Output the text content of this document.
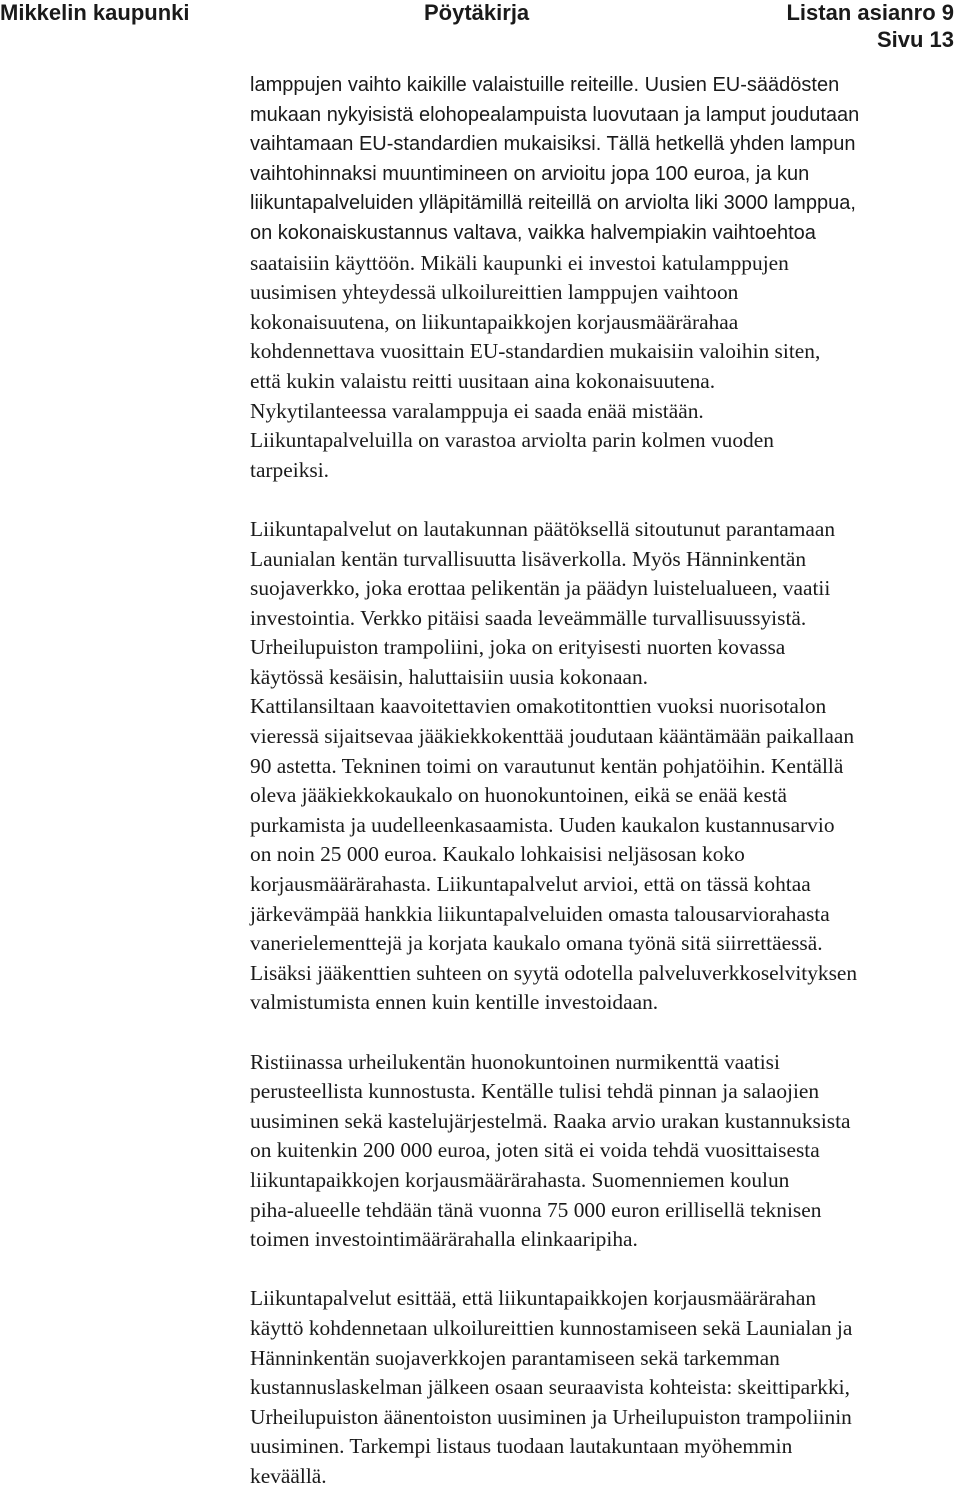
Mikkelin kaupunki	Pöytäkirja	Listan asianro 9
Sivu 13
lamppujen vaihto kaikille valaistuille reiteille. Uusien EU-säädösten
mukaan nykyisistä elohopealampuista luovutaan ja lamput joudutaan
vaihtamaan EU-standardien mukaisiksi. Tällä hetkellä yhden lampun
vaihtohinnaksi muuntimineen on arvioitu jopa 100 euroa, ja kun
liikuntapalveluiden ylläpitämillä reiteillä on arviolta liki 3000 lamppua,
on kokonaiskustannus valtava, vaikka halvempiakin vaihtoehtoa
saataisiin käyttöön. Mikäli kaupunki ei investoi katulamppujen
uusimisen yhteydessä ulkoilureittien lamppujen vaihtoon
kokonaisuutena, on liikuntapaikkojen korjausmäärärahaa
kohdennettava vuosittain EU-standardien mukaisiin valoihin siten,
että kukin valaistu reitti uusitaan aina kokonaisuutena.
Nykytilanteessa varalamppuja ei saada enää mistään.
Liikuntapalveluilla on varastoa arviolta parin kolmen vuoden
tarpeiksi.
Liikuntapalvelut on lautakunnan päätöksellä sitoutunut parantamaan
Launialan kentän turvallisuutta lisäverkolla. Myös Hänninkentän
suojaverkko, joka erottaa pelikentän ja päädyn luistelualueen, vaatii
investointia. Verkko pitäisi saada leveämmälle turvallisuussyistä.
Urheilupuiston trampoliini, joka on erityisesti nuorten kovassa
käytössä kesäisin, haluttaisiin uusia kokonaan.
Kattilansiltaan kaavoitettavien omakotitonttien vuoksi nuorisotalon
vieressä sijaitsevaa jääkiekkokenttää joudutaan kääntämään paikallaan
90 astetta. Tekninen toimi on varautunut kentän pohjatöihin. Kentällä
oleva jääkiekkokaukalo on huonokuntoinen, eikä se enää kestä
purkamista ja uudelleenkasaamista. Uuden kaukalon kustannusarvio
on noin 25 000 euroa. Kaukalo lohkaisisi neljäsosan koko
korjausmäärärahasta. Liikuntapalvelut arvioi, että on tässä kohtaa
järkevämpää hankkia liikuntapalveluiden omasta talousarviorahasta
vanerielementtejä ja korjata kaukalo omana työnä sitä siirrettäessä.
Lisäksi jääkenttien suhteen on syytä odotella palveluverkkoselvityksen
valmistumista ennen kuin kentille investoidaan.
Ristiinassa urheilukentän huonokuntoinen nurmikenttä vaatisi
perusteellista kunnostusta. Kentälle tulisi tehdä pinnan ja salaojien
uusiminen sekä kastelujärjestelmä. Raaka arvio urakan kustannuksista
on kuitenkin 200 000 euroa, joten sitä ei voida tehdä vuosittaisesta
liikuntapaikkojen korjausmäärärahasta. Suomenniemen koulun
piha-alueelle tehdään tänä vuonna 75 000 euron erillisellä teknisen
toimen investointimäärärahalla elinkaaripiha.
Liikuntapalvelut esittää, että liikuntapaikkojen korjausmäärärahan
käyttö kohdennetaan ulkoilureittien kunnostamiseen sekä Launialan ja
Hänninkentän suojaverkkojen parantamiseen sekä tarkemman
kustannuslaskelman jälkeen osaan seuraavista kohteista: skeittiparkki,
Urheilupuiston äänentoiston uusiminen ja Urheilupuiston trampoliinin
uusiminen. Tarkempi listaus tuodaan lautakuntaan myöhemmin
keväällä.
